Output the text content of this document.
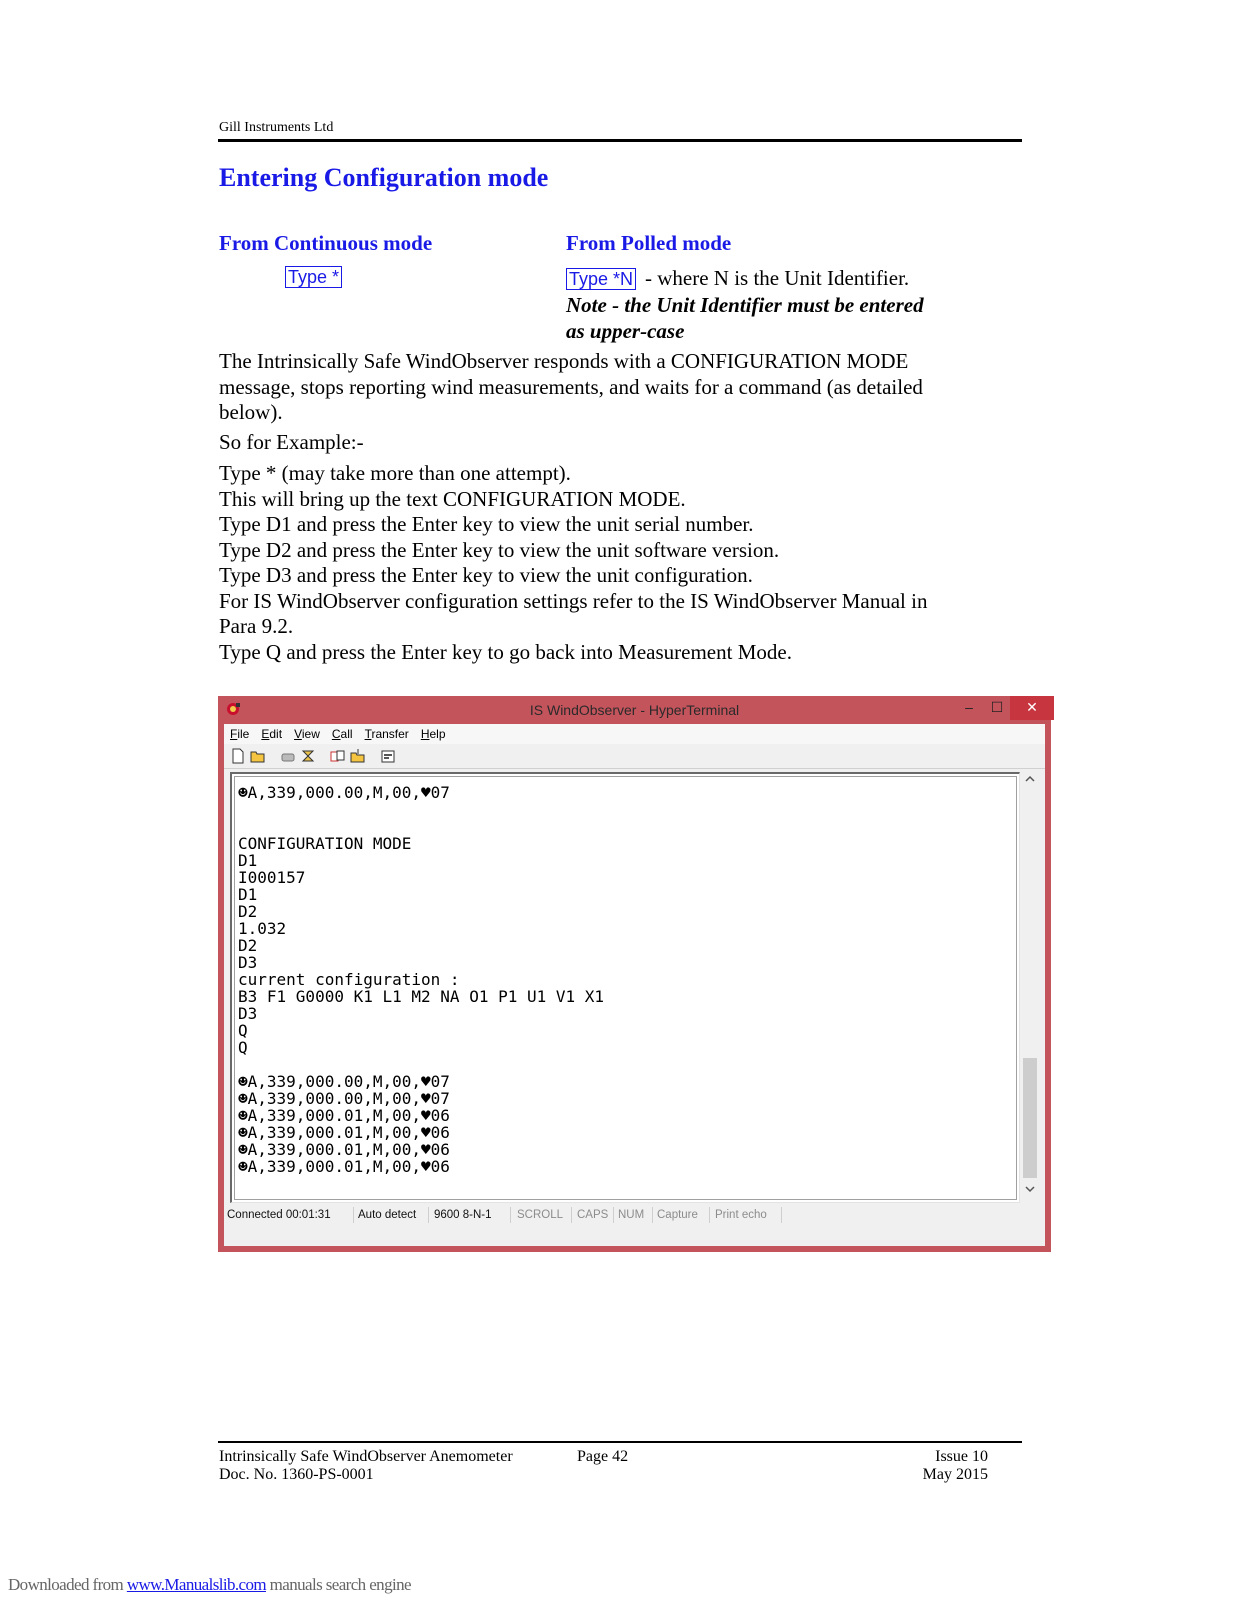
Gill Instruments Ltd
Entering Configuration mode
From Continuous mode
Type *
From Polled mode
Type *N - where N is the Unit Identifier.
Note - the Unit Identifier must be entered
as upper-case

The Intrinsically Safe WindObserver responds with a CONFIGURATION MODE

message, stops reporting wind measurements, and waits for a command (as detailed

below).

So for Example:-

Type * (may take more than one attempt).

This will bring up the text CONFIGURATION MODE.

Type D1 and press the Enter key to view the unit serial number.

Type D2 and press the Enter key to view the unit software version.

Type D3 and press the Enter key to view the unit configuration.

For IS WindObserver configuration settings refer to the IS WindObserver Manual in

Para 9.2.

Type Q and press the Enter key to go back into Measurement Mode.

IS WindObserver - HyperTerminal	–	☐	✕
File Edit View Call Transfer Help
☻A,339,000.00,M,00,♥07

CONFIGURATION MODE
D1
I000157
D1
D2
1.032
D2
D3
current configuration :
B3 F1 G0000 K1 L1 M2 NA O1 P1 U1 V1 X1
D3
Q
Q

☻A,339,000.00,M,00,♥07
☻A,339,000.00,M,00,♥07
☻A,339,000.01,M,00,♥06
☻A,339,000.01,M,00,♥06
☻A,339,000.01,M,00,♥06
☻A,339,000.01,M,00,♥06
Connected 00:01:31	Auto detect	9600 8-N-1	SCROLL	CAPS NUM	Capture	Print echo
Intrinsically Safe WindObserver Anemometer
Doc. No. 1360-PS-0001
Page 42	Issue 10
May 2015
Downloaded from www.Manualslib.com manuals search engine
